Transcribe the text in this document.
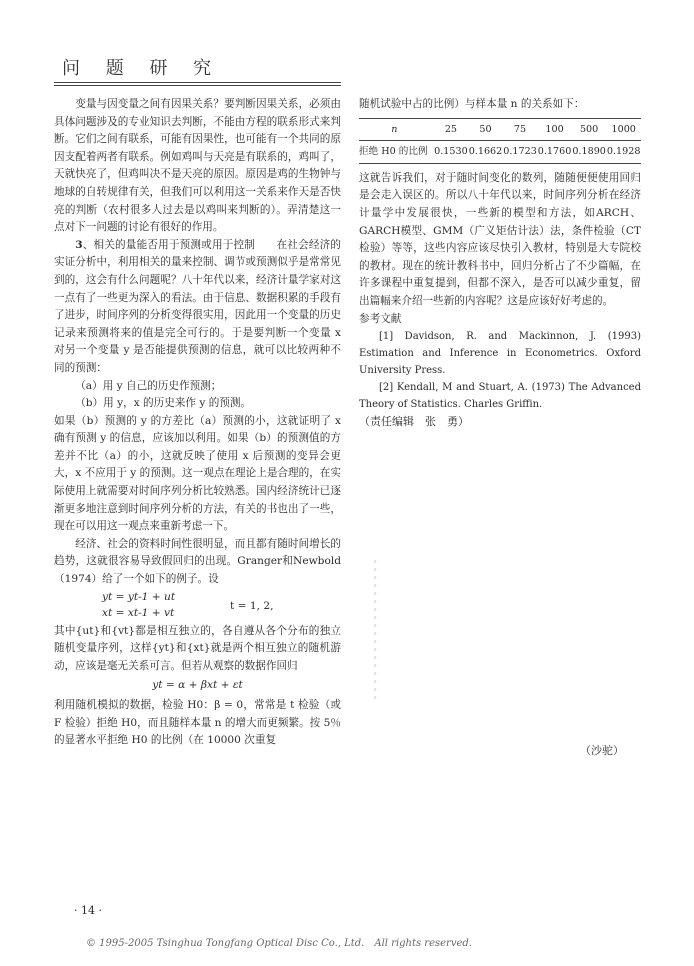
问 题 研 究

变量与因变量之间有因果关系？要判断因果关系，必须由具体问题涉及的专业知识去判断，不能由方程的联系形式来判断。它们之间有联系，可能有因果性，也可能有一个共同的原因支配着两者有联系。例如鸡叫与天亮是有联系的，鸡叫了，天就快亮了，但鸡叫决不是天亮的原因。原因是鸡的生物钟与地球的自转规律有关，但我们可以利用这一关系来作天是否快亮的判断（农村很多人过去是以鸡叫来判断的）。弄清楚这一点对下一问题的讨论有很好的作用。

3、相关的量能否用于预测或用于控制　　在社会经济的实证分析中，利用相关的量来控制、调节或预测似乎是常常见到的，这会有什么问题呢？八十年代以来，经济计量学家对这一点有了一些更为深入的看法。由于信息、数据积累的手段有了进步，时间序列的分析变得很实用，因此用一个变量的历史记录来预测将来的值是完全可行的。于是要判断一个变量 x 对另一个变量 y 是否能提供预测的信息，就可以比较两种不同的预测：

（a）用 y 自己的历史作预测；

（b）用 y，x 的历史来作 y 的预测。

如果（b）预测的 y 的方差比（a）预测的小，这就证明了 x 确有预测 y 的信息，应该加以利用。如果（b）的预测值的方差并不比（a）的小，这就反映了使用 x 后预测的变异会更大，x 不应用于 y 的预测。这一观点在理论上是合理的，在实际使用上就需要对时间序列分析比较熟悉。国内经济统计已逐渐更多地注意到时间序列分析的方法，有关的书也出了一些，现在可以用这一观点来重新考虑一下。

经济、社会的资料时间性很明显，而且都有随时间增长的趋势，这就很容易导致假回归的出现。Granger和Newbold（1974）给了一个如下的例子。设

yt = yt-1 + ut
xt = xt-1 + vt
t = 1, 2,

其中{ut}和{vt}都是相互独立的，各自遵从各个分布的独立随机变量序列，这样{yt}和{xt}就是两个相互独立的随机游动，应该是毫无关系可言。但若从观察的数据作回归

yt = α + βxt + εt

利用随机模拟的数据，检验 H0：β = 0，常常是 t 检验（或 F 检验）拒绝 H0，而且随样本量 n 的增大而更频繁。按 5％的显著水平拒绝 H0 的比例（在 10000 次重复

随机试验中占的比例）与样本量 n 的关系如下：

n	25	50	75	100	500	1000
拒绝 H0 的比例	0.1530	0.1662	0.1723	0.1760	0.1890	0.1928

这就告诉我们，对于随时间变化的数列，随随便便使用回归是会走入误区的。所以八十年代以来，时间序列分析在经济计量学中发展很快，一些新的模型和方法，如ARCH、GARCH模型、GMM（广义矩估计法）法，条件检验（CT检验）等等，这些内容应该尽快引入教材，特别是大专院校的教材。现在的统计教科书中，回归分析占了不少篇幅，在许多课程中重复提到，但都不深入，是否可以减少重复，留出篇幅来介绍一些新的内容呢？这是应该好好考虑的。

参考文献

[1] Davidson, R. and Mackinnon, J. (1993) Estimation and Inference in Econometrics. Oxford University Press.

[2] Kendall, M and Stuart, A. (1973) The Advanced Theory of Statistics. Charles Griffin.

（责任编辑　张　勇）

（沙驼）
· 14 ·
© 1995-2005 Tsinghua Tongfang Optical Disc Co., Ltd.　All rights reserved.
